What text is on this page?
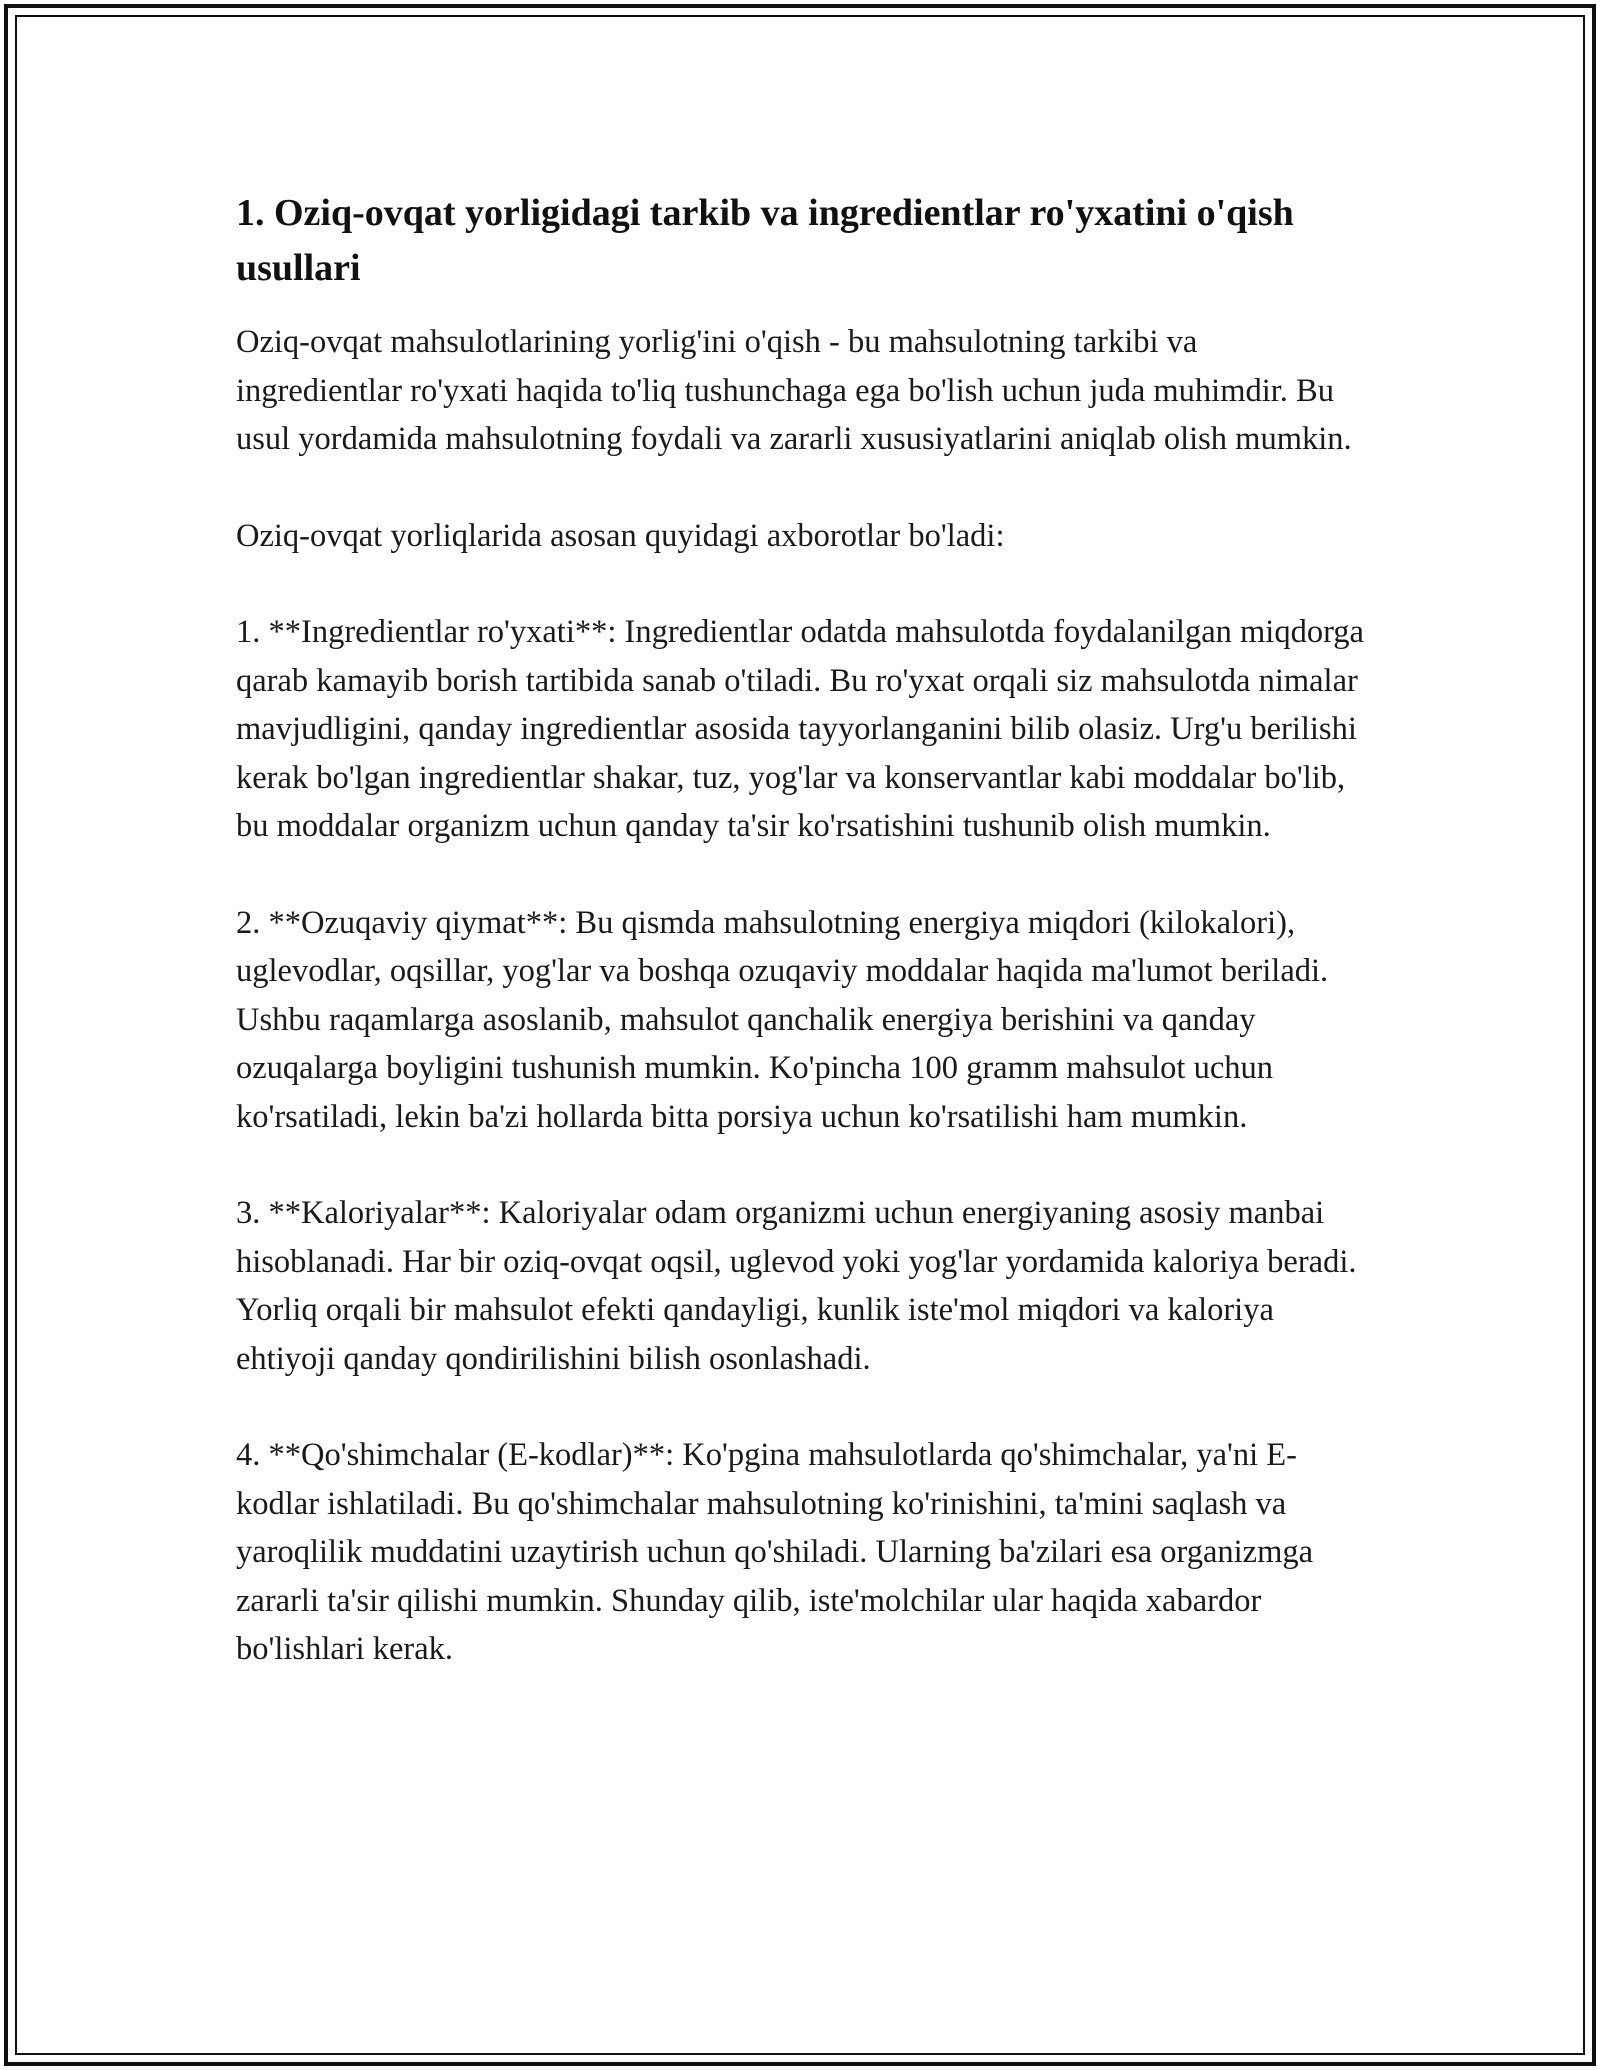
1. Oziq-ovqat yorligidagi tarkib va ingredientlar ro'yxatini o'qish usullari

Oziq-ovqat mahsulotlarining yorlig'ini o'qish - bu mahsulotning tarkibi va ingredientlar ro'yxati haqida to'liq tushunchaga ega bo'lish uchun juda muhimdir. Bu usul yordamida mahsulotning foydali va zararli xususiyatlarini aniqlab olish mumkin.

Oziq-ovqat yorliqlarida asosan quyidagi axborotlar bo'ladi:

1. **Ingredientlar ro'yxati**: Ingredientlar odatda mahsulotda foydalanilgan miqdorga qarab kamayib borish tartibida sanab o'tiladi. Bu ro'yxat orqali siz mahsulotda nimalar mavjudligini, qanday ingredientlar asosida tayyorlanganini bilib olasiz. Urg'u berilishi kerak bo'lgan ingredientlar shakar, tuz, yog'lar va konservantlar kabi moddalar bo'lib, bu moddalar organizm uchun qanday ta'sir ko'rsatishini tushunib olish mumkin.

2. **Ozuqaviy qiymat**: Bu qismda mahsulotning energiya miqdori (kilokalori), uglevodlar, oqsillar, yog'lar va boshqa ozuqaviy moddalar haqida ma'lumot beriladi. Ushbu raqamlarga asoslanib, mahsulot qanchalik energiya berishini va qanday ozuqalarga boyligini tushunish mumkin. Ko'pincha 100 gramm mahsulot uchun ko'rsatiladi, lekin ba'zi hollarda bitta porsiya uchun ko'rsatilishi ham mumkin.

3. **Kaloriyalar**: Kaloriyalar odam organizmi uchun energiyaning asosiy manbai hisoblanadi. Har bir oziq-ovqat oqsil, uglevod yoki yog'lar yordamida kaloriya beradi. Yorliq orqali bir mahsulot efekti qandayligi, kunlik iste'mol miqdori va kaloriya ehtiyoji qanday qondirilishini bilish osonlashadi.

4. **Qo'shimchalar (E-kodlar)**: Ko'pgina mahsulotlarda qo'shimchalar, ya'ni E-kodlar ishlatiladi. Bu qo'shimchalar mahsulotning ko'rinishini, ta'mini saqlash va yaroqlilik muddatini uzaytirish uchun qo'shiladi. Ularning ba'zilari esa organizmga zararli ta'sir qilishi mumkin. Shunday qilib, iste'molchilar ular haqida xabardor bo'lishlari kerak.
